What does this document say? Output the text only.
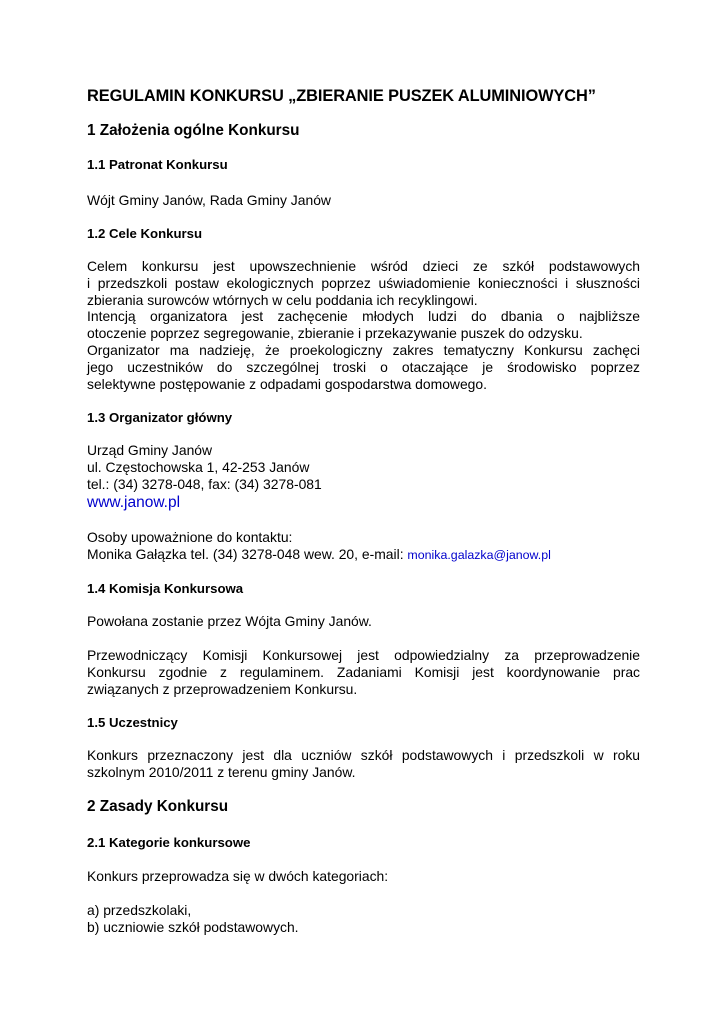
REGULAMIN KONKURSU „ZBIERANIE PUSZEK ALUMINIOWYCH”
1 Założenia ogólne Konkursu
1.1 Patronat Konkursu

Wójt Gminy Janów, Rada Gminy Janów

1.2 Cele Konkursu
Celem konkursu jest upowszechnienie wśród dzieci ze szkół podstawowych
i przedszkoli postaw ekologicznych poprzez uświadomienie konieczności i słuszności
zbierania surowców wtórnych w celu poddania ich recyklingowi.
Intencją organizatora jest zachęcenie młodych ludzi do dbania o najbliższe
otoczenie poprzez segregowanie, zbieranie i przekazywanie puszek do odzysku.
Organizator ma nadzieję, że proekologiczny zakres tematyczny Konkursu zachęci
jego uczestników do szczególnej troski o otaczające je środowisko poprzez
selektywne postępowanie z odpadami gospodarstwa domowego.
1.3 Organizator główny
Urząd Gminy Janów
ul. Częstochowska 1, 42-253 Janów
tel.: (34) 3278-048, fax: (34) 3278-081

www.janow.pl

Osoby upoważnione do kontaktu:
Monika Gałązka tel. (34) 3278-048 wew. 20, e-mail: monika.galazka@janow.pl
1.4 Komisja Konkursowa

Powołana zostanie przez Wójta Gminy Janów.

Przewodniczący Komisji Konkursowej jest odpowiedzialny za przeprowadzenie
Konkursu zgodnie z regulaminem. Zadaniami Komisji jest koordynowanie prac
związanych z przeprowadzeniem Konkursu.
1.5 Uczestnicy
Konkurs przeznaczony jest dla uczniów szkół podstawowych i przedszkoli w roku
szkolnym 2010/2011 z terenu gminy Janów.
2 Zasady Konkursu
2.1 Kategorie konkursowe

Konkurs przeprowadza się w dwóch kategoriach:

a) przedszkolaki,
b) uczniowie szkół podstawowych.
